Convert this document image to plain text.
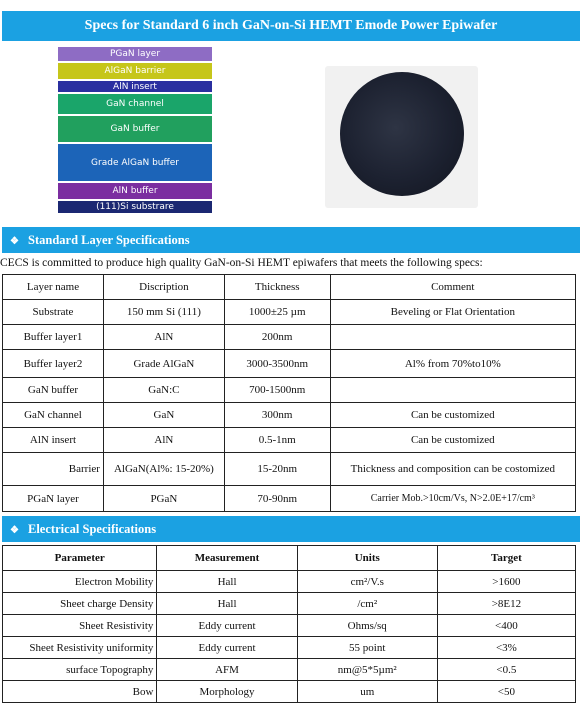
Specs for Standard 6 inch GaN-on-Si HEMT Emode Power Epiwafer
PGaN layer
AlGaN barrier
AlN insert
GaN channel
GaN buffer
Grade AlGaN buffer
AlN buffer
(111)Si substrare
❖ Standard Layer Specifications
CECS is committed to produce high quality GaN-on-Si HEMT epiwafers that meets the following specs:
Layer name	Discription	Thickness	Comment
Substrate	150 mm Si (111)	1000±25 µm	Beveling or Flat Orientation
Buffer layer1	AlN	200nm	
Buffer layer2	Grade AlGaN	3000-3500nm	Al% from 70%to10%
GaN buffer	GaN:C	700-1500nm	
GaN channel	GaN	300nm	Can be customized
AlN insert	AlN	0.5-1nm	Can be customized
Barrier	AlGaN(Al%: 15-20%)	15-20nm	Thickness and composition can be costomized
PGaN layer	PGaN	70-90nm	Carrier Mob.>10cm/Vs, N>2.0E+17/cm³
❖ Electrical Specifications
Parameter	Measurement	Units	Target
Electron Mobility	Hall	cm²/V.s	>1600
Sheet charge Density	Hall	/cm²	>8E12
Sheet Resistivity	Eddy current	Ohms/sq	<400
Sheet Resistivity uniformity	Eddy current	55 point	<3%
surface Topography	AFM	nm@5*5µm²	<0.5
Bow	Morphology	um	<50
